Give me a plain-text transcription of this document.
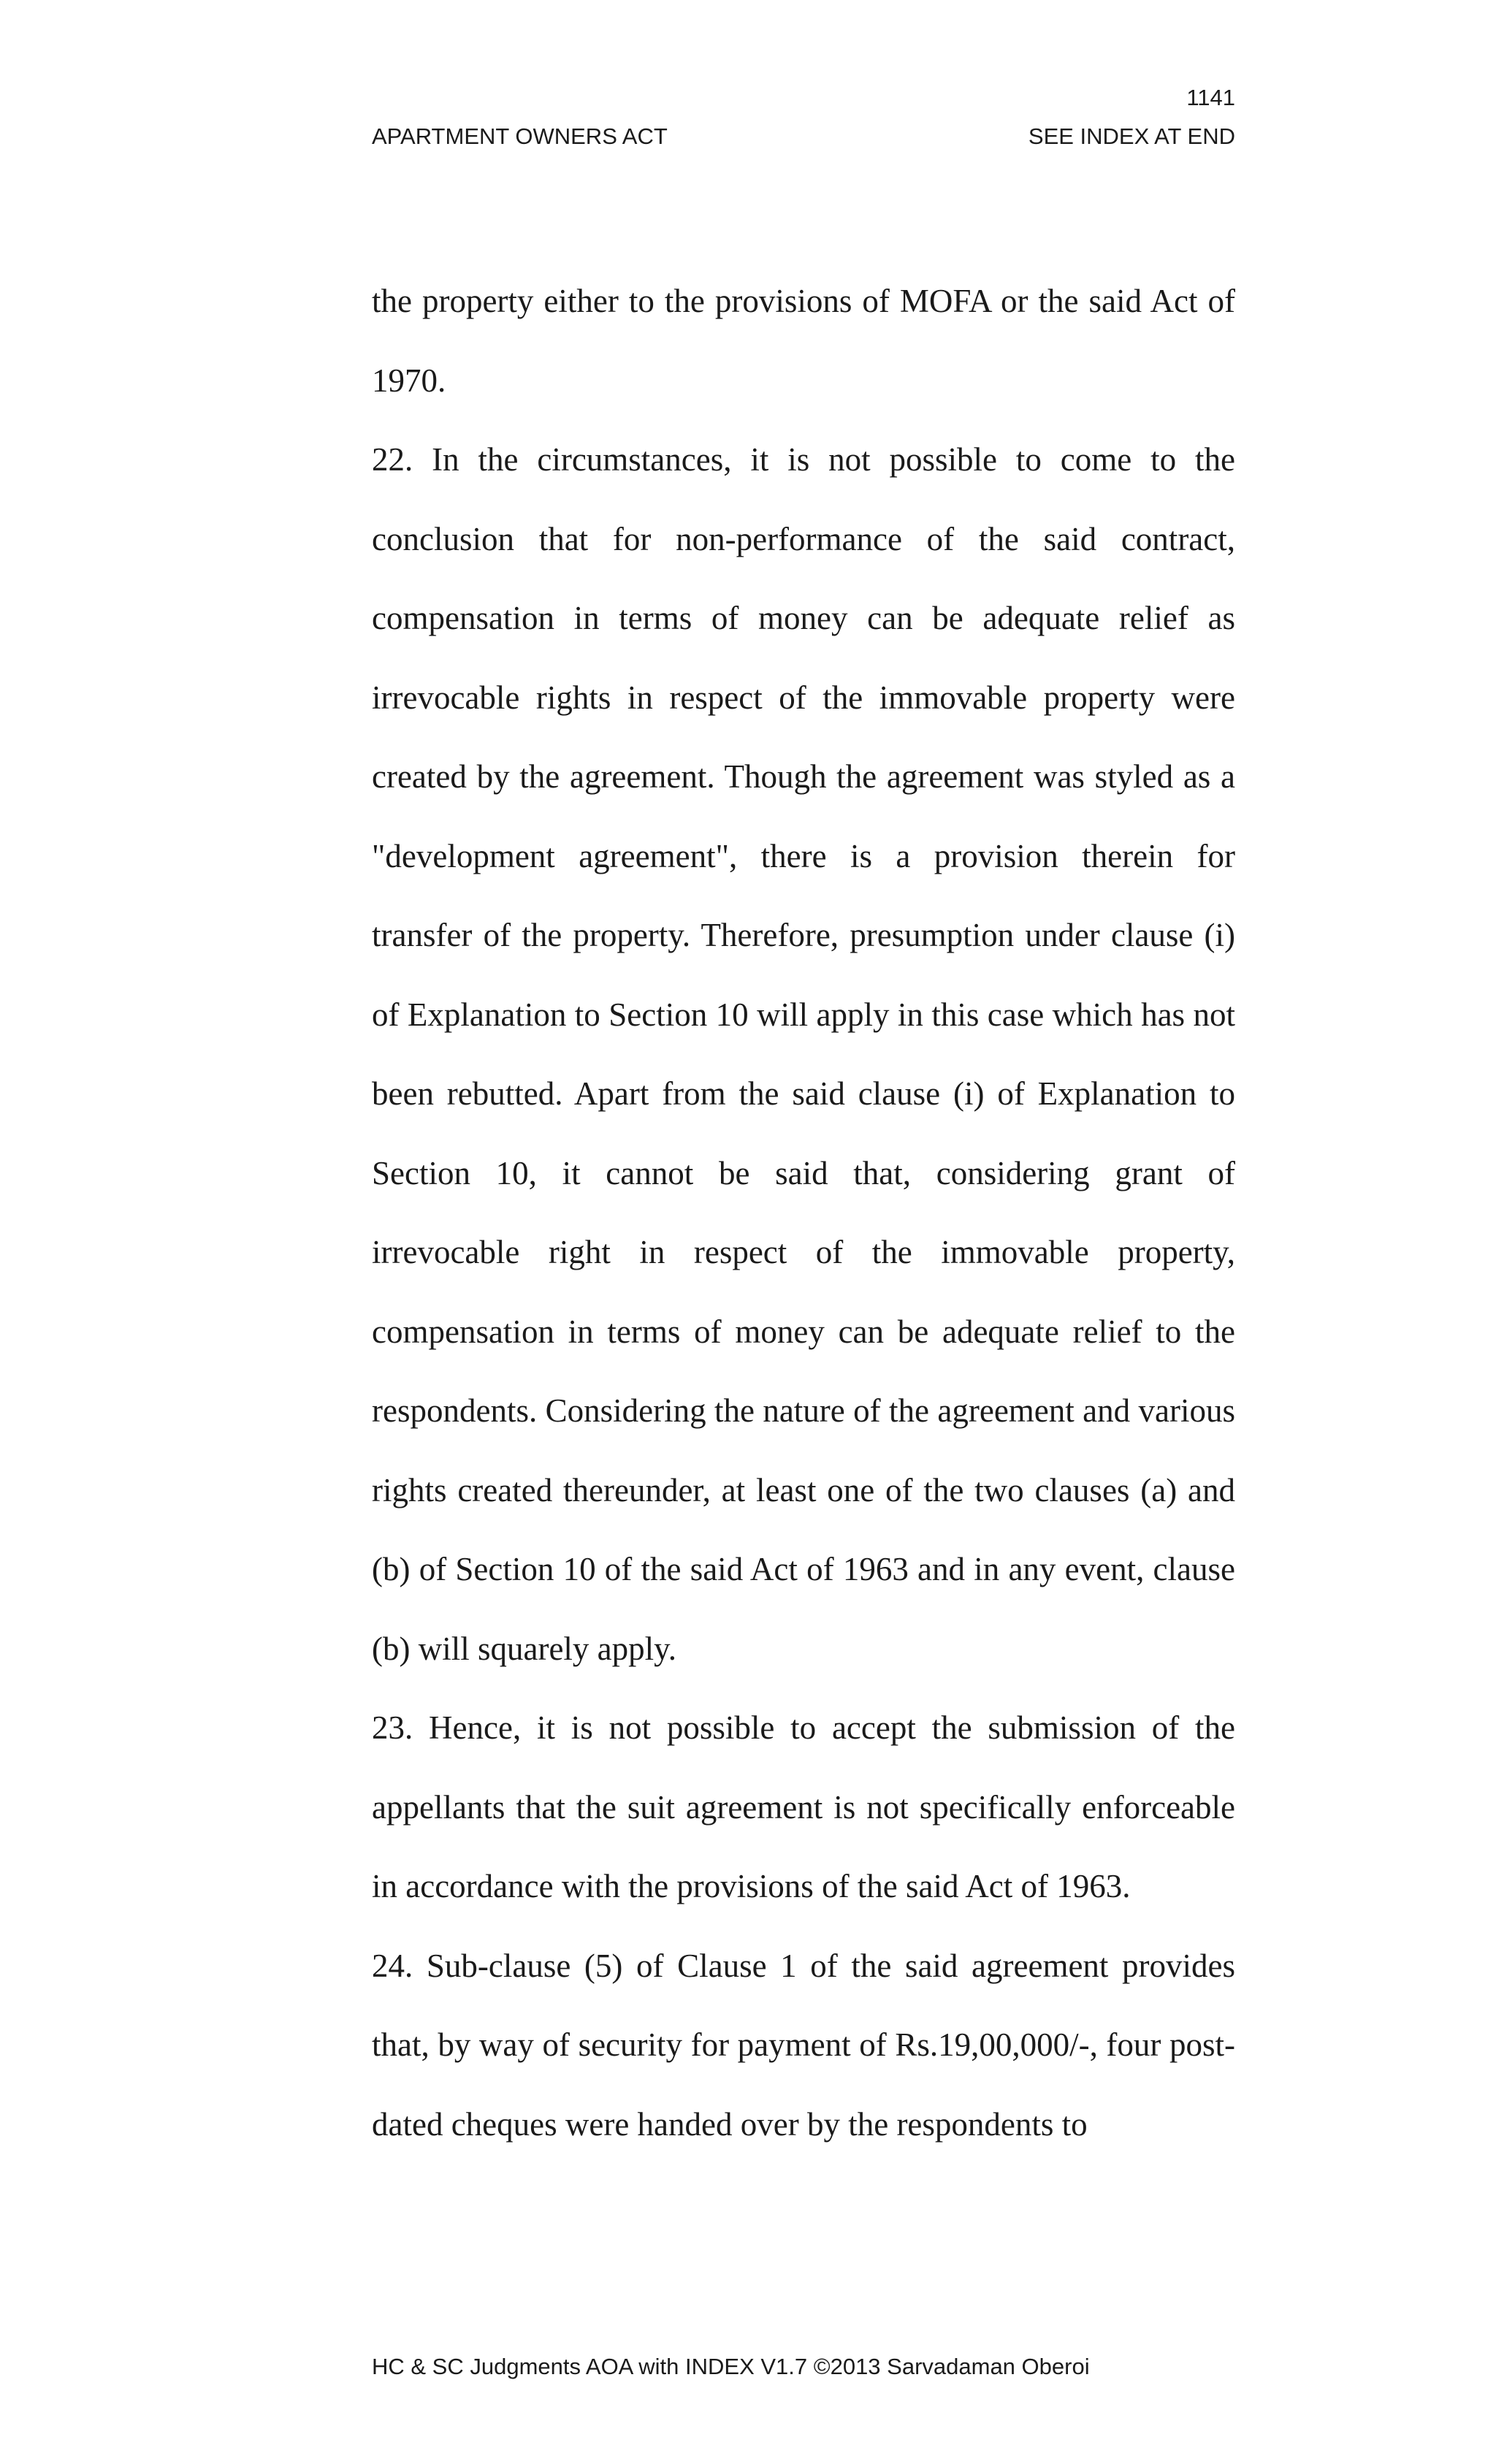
1141
APARTMENT OWNERS ACT	SEE INDEX AT END

the property either to the provisions of MOFA or the said Act of 1970.

22. In the circumstances, it is not possible to come to the conclusion that for non-performance of the said contract, compensation in terms of money can be adequate relief as irrevocable rights in respect of the immovable property were created by the agreement. Though the agreement was styled as a "development agreement", there is a provision therein for transfer of the property. Therefore, presumption under clause (i) of Explanation to Section 10 will apply in this case which has not been rebutted. Apart from the said clause (i) of Explanation to Section 10, it cannot be said that, considering grant of irrevocable right in respect of the immovable property, compensation in terms of money can be adequate relief to the respondents. Considering the nature of the agreement and various rights created thereunder, at least one of the two clauses (a) and (b) of Section 10 of the said Act of 1963 and in any event, clause (b) will squarely apply.

23. Hence, it is not possible to accept the submission of the appellants that the suit agreement is not specifically enforceable in accordance with the provisions of the said Act of 1963.

24. Sub-clause (5) of Clause 1 of the said agreement provides that, by way of security for payment of Rs.19,00,000/-, four post-dated cheques were handed over by the respondents to

HC & SC Judgments AOA with INDEX V1.7 ©2013 Sarvadaman Oberoi
